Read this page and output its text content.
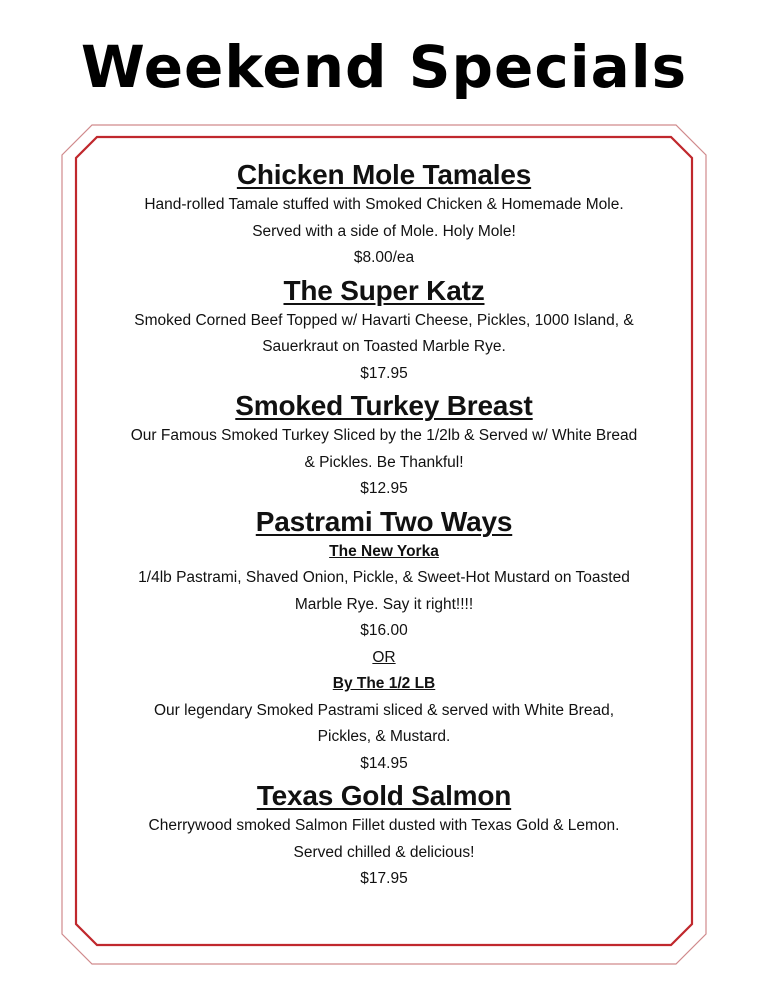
Weekend Specials

Chicken Mole Tamales

Hand-rolled Tamale stuffed with Smoked Chicken & Homemade Mole.

Served with a side of Mole. Holy Mole!

$8.00/ea

The Super Katz

Smoked Corned Beef Topped w/ Havarti Cheese, Pickles, 1000 Island, &

Sauerkraut on Toasted Marble Rye.

$17.95

Smoked Turkey Breast

Our Famous Smoked Turkey Sliced by the 1/2lb & Served w/ White Bread

& Pickles. Be Thankful!

$12.95

Pastrami Two Ways

The New Yorka

1/4lb Pastrami, Shaved Onion, Pickle, & Sweet-Hot Mustard on Toasted

Marble Rye. Say it right!!!!

$16.00

OR

By The 1/2 LB

Our legendary Smoked Pastrami sliced & served with White Bread,

Pickles, & Mustard.

$14.95

Texas Gold Salmon

Cherrywood smoked Salmon Fillet dusted with Texas Gold & Lemon.

Served chilled & delicious!

$17.95
